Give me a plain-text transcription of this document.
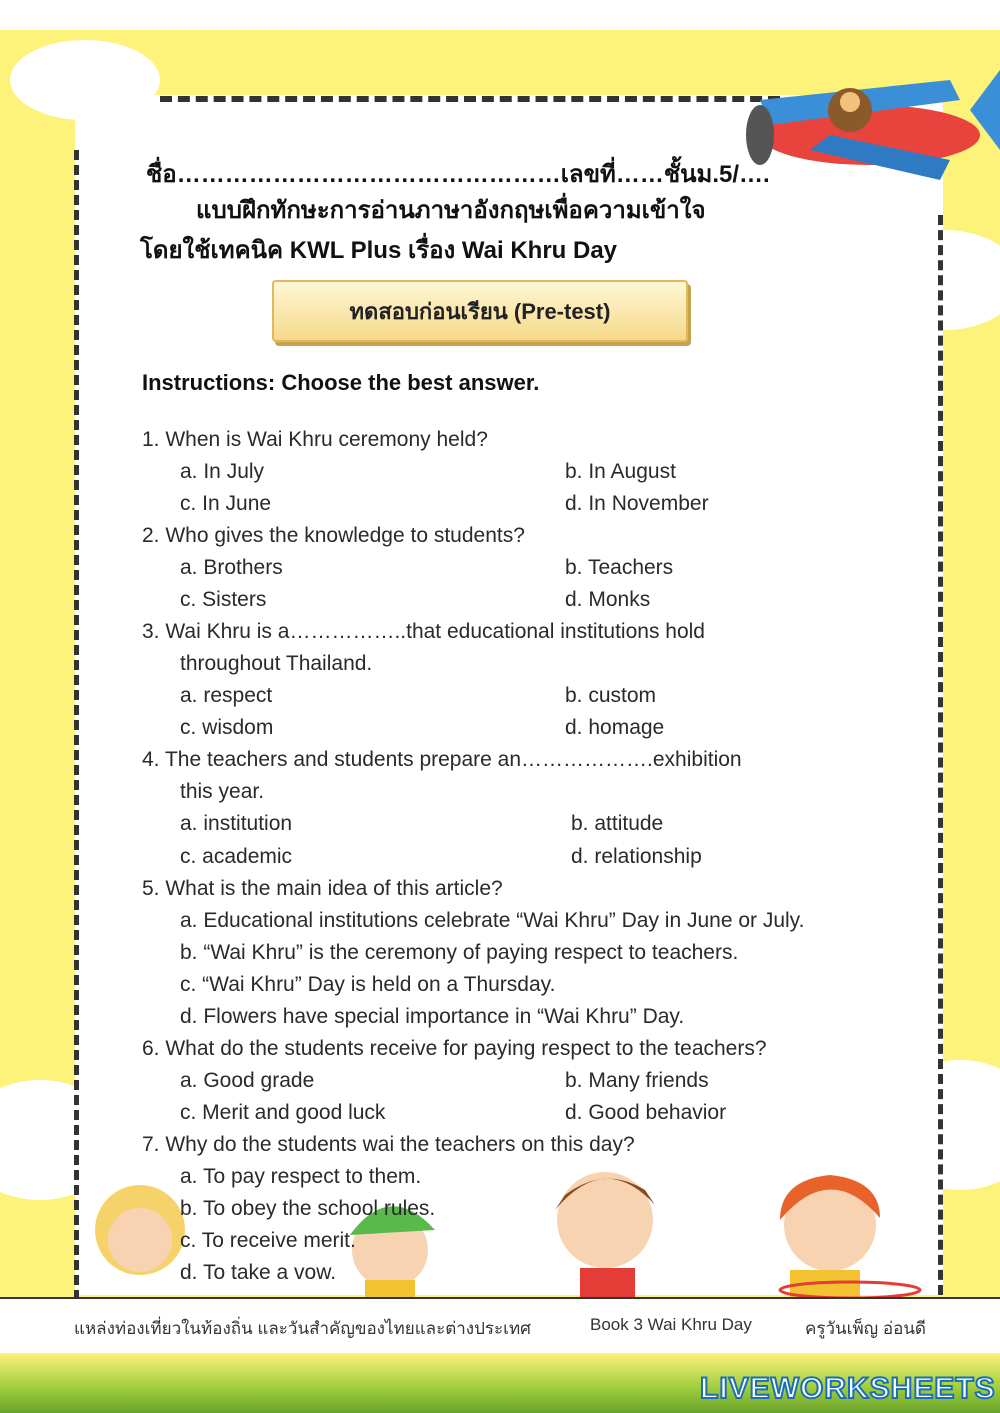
ชื่อ…………………………………………เลขที่……ชั้นม.5/….
แบบฝึกทักษะการอ่านภาษาอังกฤษเพื่อความเข้าใจ
โดยใช้เทคนิค KWL Plus เรื่อง Wai Khru Day
ทดสอบก่อนเรียน (Pre-test)
Instructions: Choose the best answer.
1. When is Wai Khru ceremony held?
a. In July	b. In August
c. In June	d. In November
2. Who gives the knowledge to students?
a. Brothers	b. Teachers
c. Sisters	d. Monks
3. Wai Khru is a……………..that educational institutions hold
throughout Thailand.
a. respect	b. custom
c. wisdom	d. homage
4. The teachers and students prepare an……………….exhibition
this year.
a. institution	b. attitude
c. academic	d. relationship
5. What is the main idea of this article?
a. Educational institutions celebrate “Wai Khru” Day in June or July.
b. “Wai Khru” is the ceremony of paying respect to teachers.
c. “Wai Khru” Day is held on a Thursday.
d. Flowers have special importance in “Wai Khru” Day.
6. What do the students receive for paying respect to the teachers?
a. Good grade	b. Many friends
c. Merit and good luck	d. Good behavior
7. Why do the students wai the teachers on this day?
a. To pay respect to them.
b. To obey the school rules.
c. To receive merit.
d. To take a vow.
แหล่งท่องเที่ยวในท้องถิ่น และวันสำคัญของไทยและต่างประเทศ	Book 3 Wai Khru Day	ครูวันเพ็ญ อ่อนดี
LIVEWORKSHEETS
